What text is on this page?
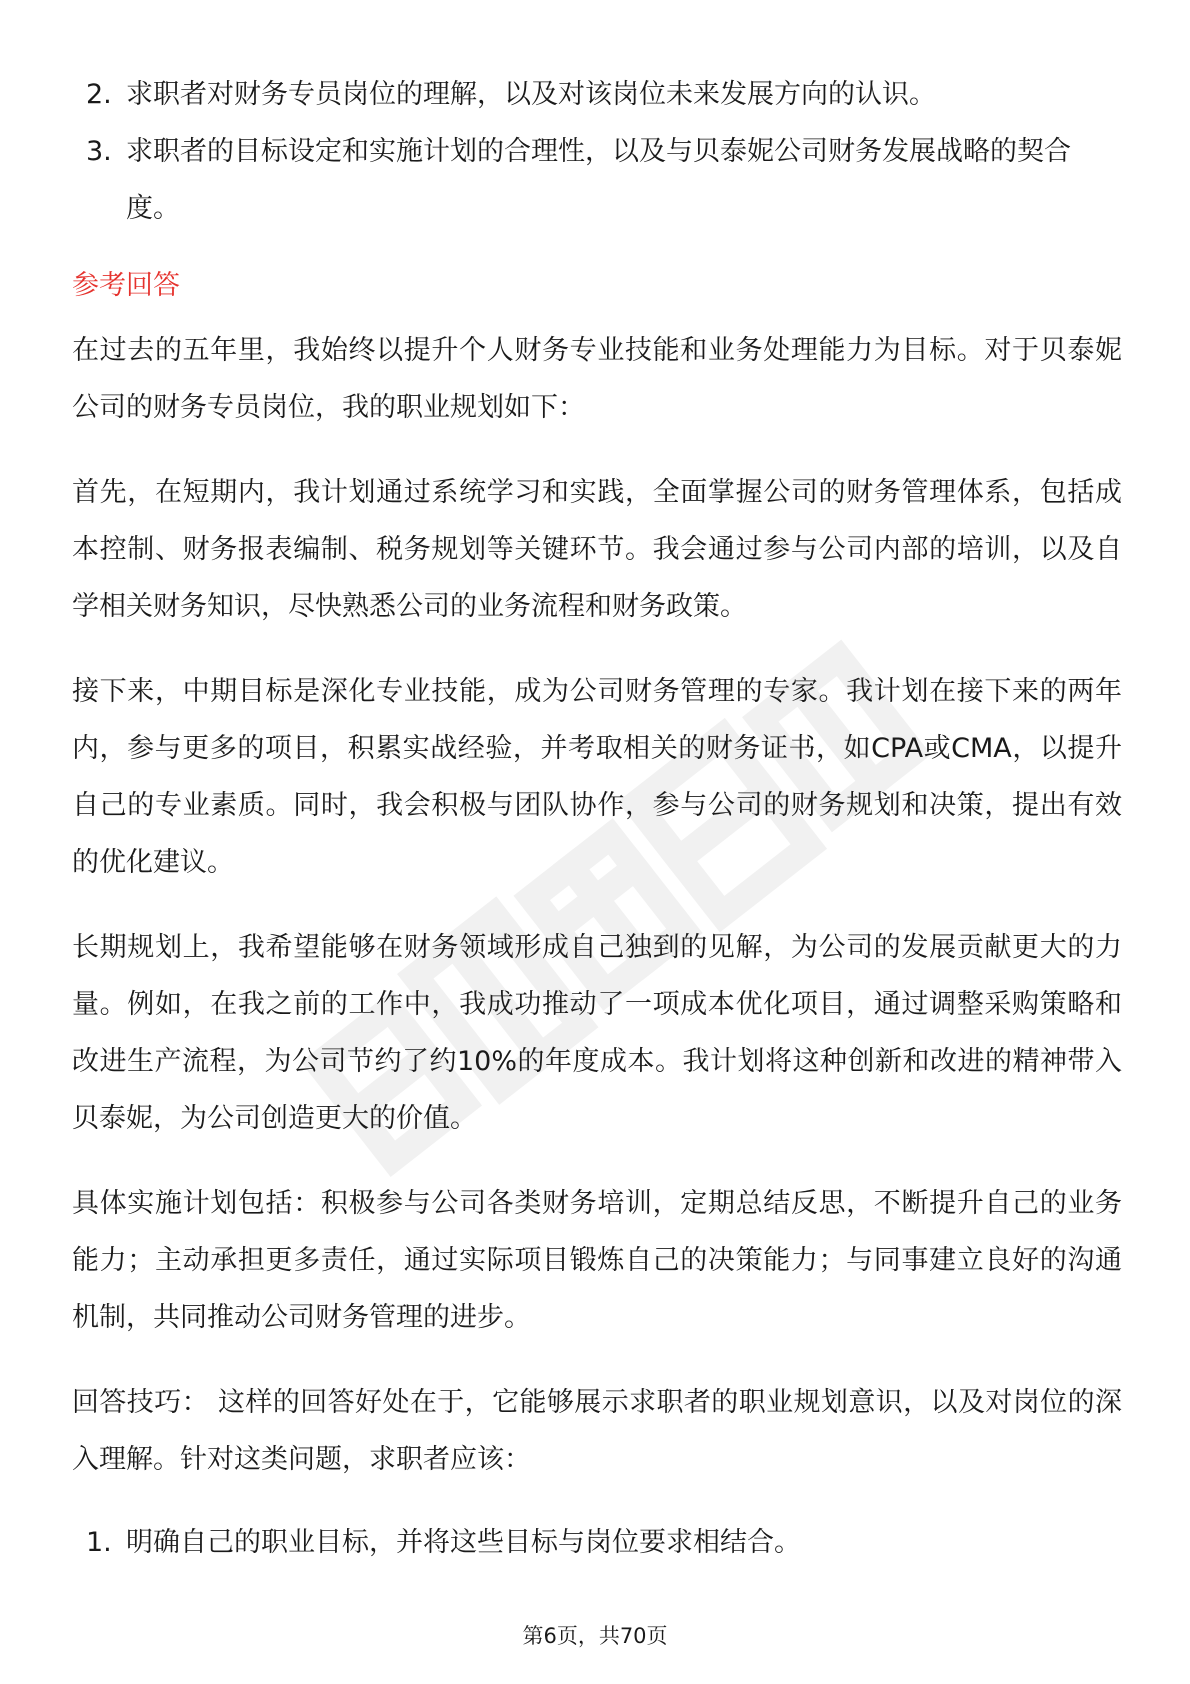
2. 求职者对财务专员岗位的理解，以及对该岗位未来发展方向的认识。
3. 求职者的目标设定和实施计划的合理性，以及与贝泰妮公司财务发展战略的契合度。
参考回答

在过去的五年里，我始终以提升个人财务专业技能和业务处理能力为目标。对于贝泰妮公司的财务专员岗位，我的职业规划如下：

首先，在短期内，我计划通过系统学习和实践，全面掌握公司的财务管理体系，包括成本控制、财务报表编制、税务规划等关键环节。我会通过参与公司内部的培训，以及自学相关财务知识，尽快熟悉公司的业务流程和财务政策。

接下来，中期目标是深化专业技能，成为公司财务管理的专家。我计划在接下来的两年内，参与更多的项目，积累实战经验，并考取相关的财务证书，如CPA或CMA，以提升自己的专业素质。同时，我会积极与团队协作，参与公司的财务规划和决策，提出有效的优化建议。

长期规划上，我希望能够在财务领域形成自己独到的见解，为公司的发展贡献更大的力量。例如，在我之前的工作中，我成功推动了一项成本优化项目，通过调整采购策略和改进生产流程，为公司节约了约10%的年度成本。我计划将这种创新和改进的精神带入贝泰妮，为公司创造更大的价值。

具体实施计划包括：积极参与公司各类财务培训，定期总结反思，不断提升自己的业务能力；主动承担更多责任，通过实际项目锻炼自己的决策能力；与同事建立良好的沟通机制，共同推动公司财务管理的进步。

回答技巧： 这样的回答好处在于，它能够展示求职者的职业规划意识，以及对岗位的深入理解。针对这类问题，求职者应该：

1. 明确自己的职业目标，并将这些目标与岗位要求相结合。
第6页，共70页
